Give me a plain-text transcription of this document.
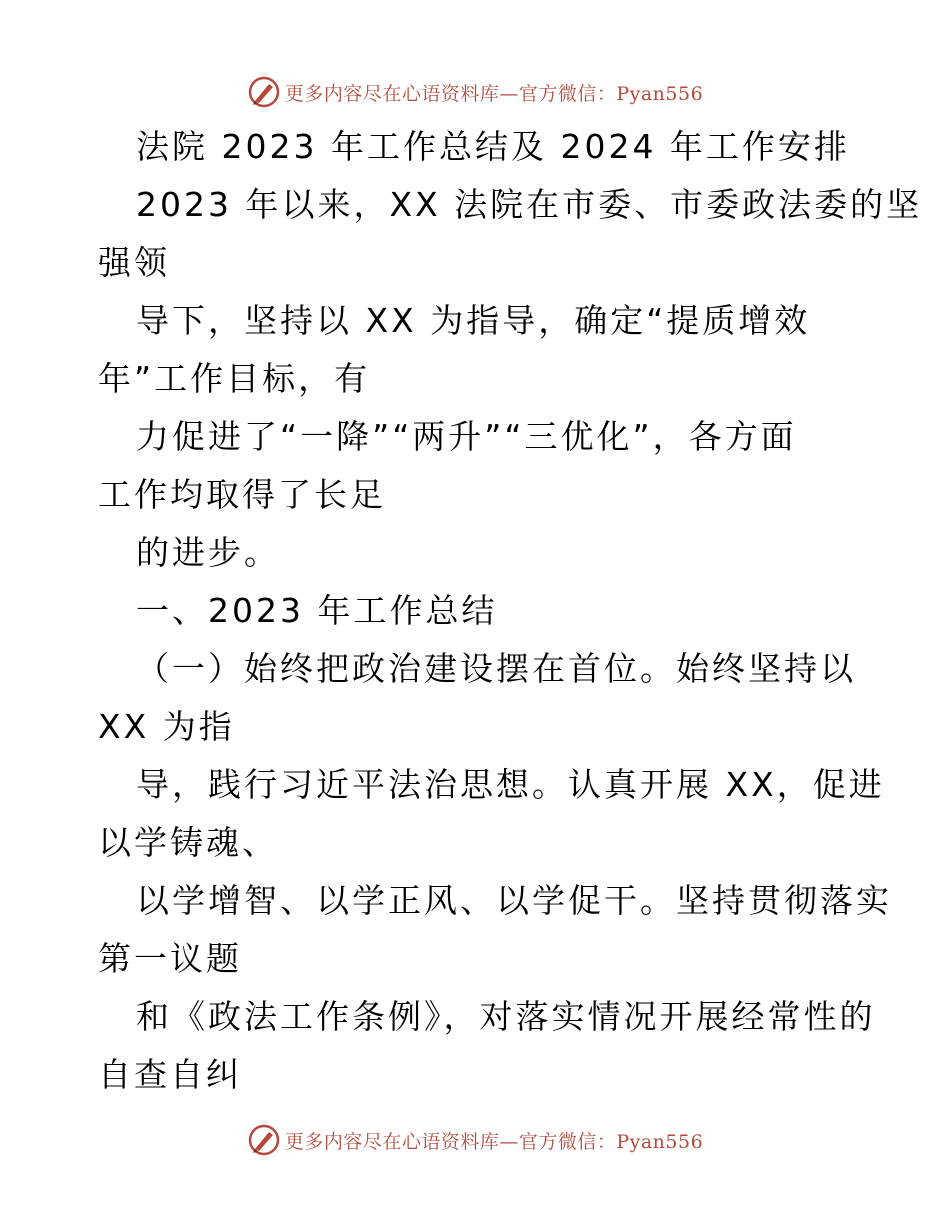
更多内容尽在心语资料库—官方微信：Pyan556
法院 2023 年工作总结及 2024 年工作安排
2023 年以来，XX 法院在市委、市委政法委的坚
强领
导下，坚持以 XX 为指导，确定“提质增效
年”工作目标，有
力促进了“一降”“两升”“三优化”，各方面
工作均取得了长足
的进步。
一、2023 年工作总结
（一）始终把政治建设摆在首位。始终坚持以
XX 为指
导，践行习近平法治思想。认真开展 XX，促进
以学铸魂、
以学增智、以学正风、以学促干。坚持贯彻落实
第一议题
和《政法工作条例》，对落实情况开展经常性的
自查自纠
更多内容尽在心语资料库—官方微信：Pyan556
